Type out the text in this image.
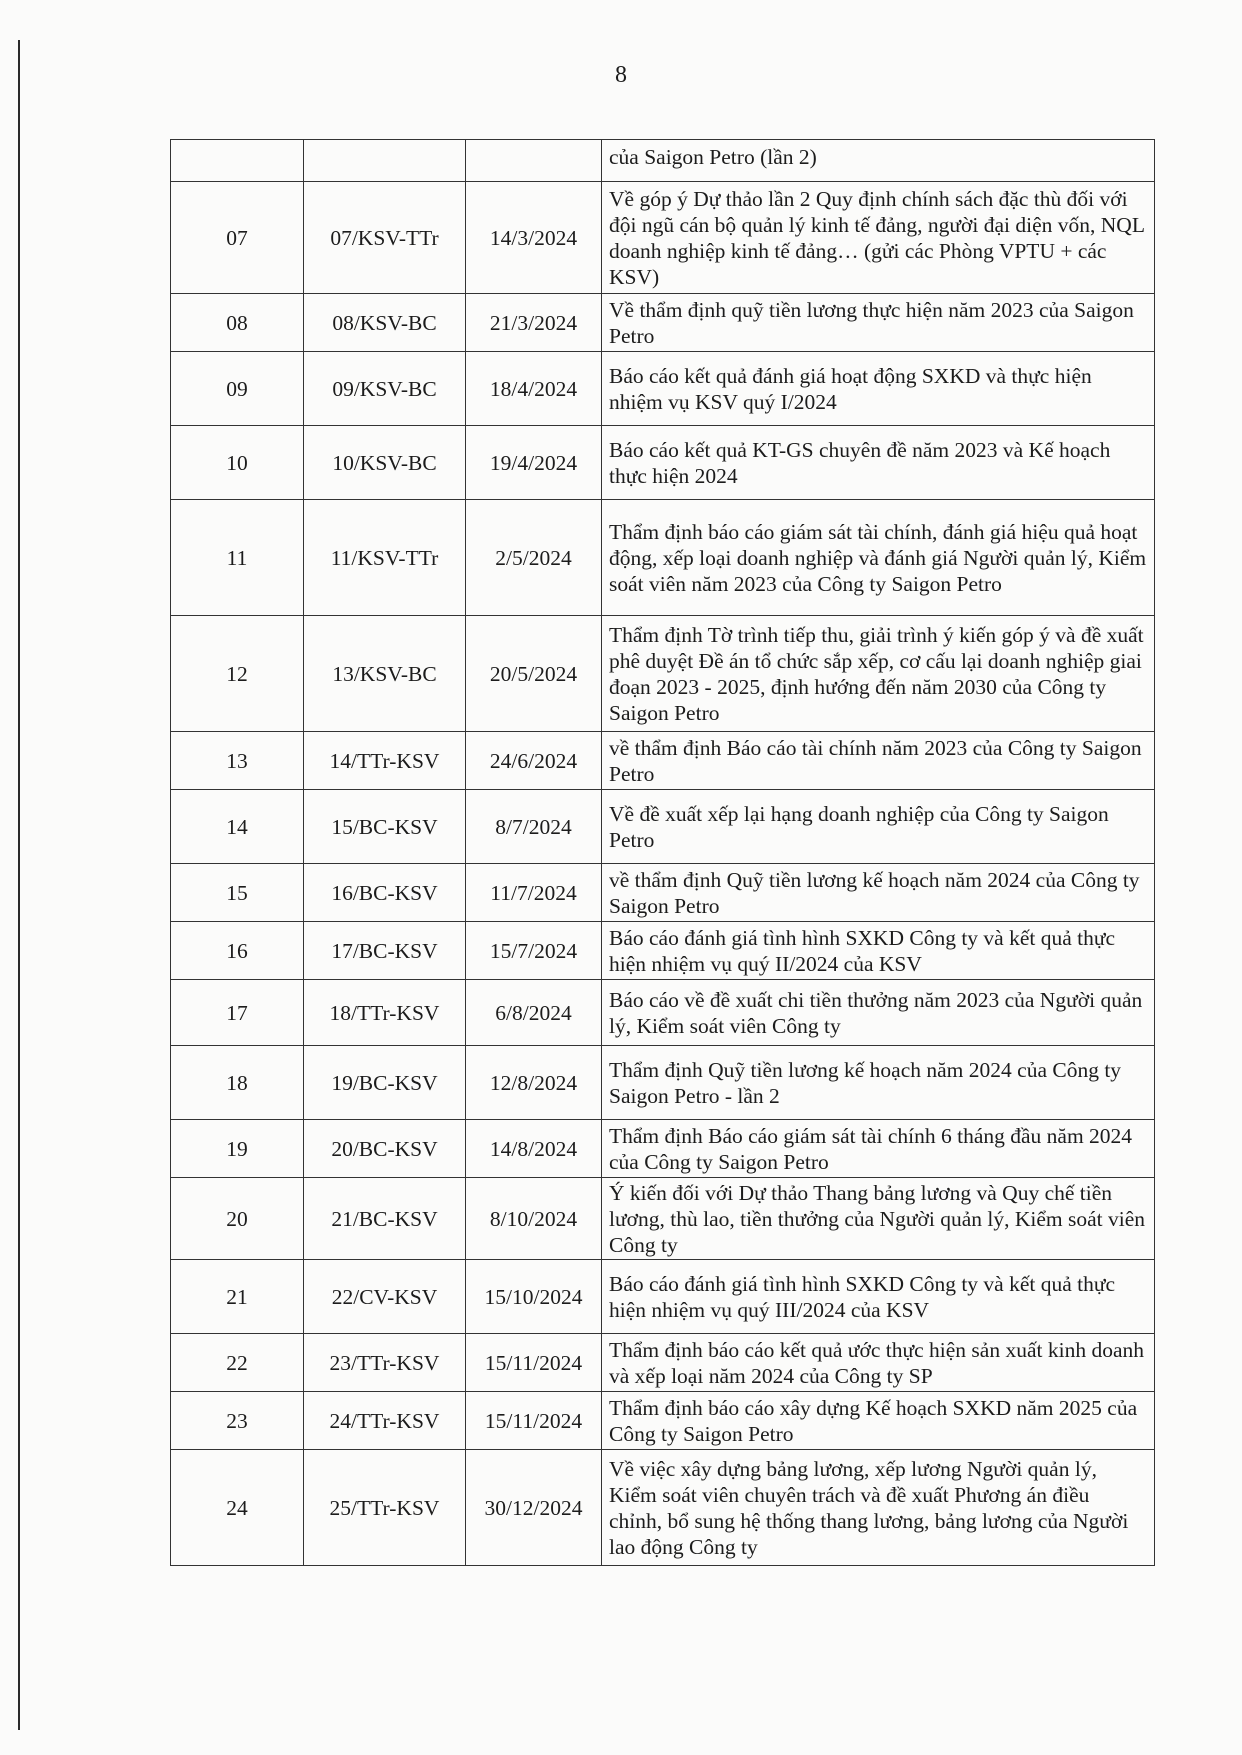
8
			của Saigon Petro (lần 2)
07	07/KSV-TTr	14/3/2024	Về góp ý Dự thảo lần 2 Quy định chính sách đặc thù đối với đội ngũ cán bộ quản lý kinh tế đảng, người đại diện vốn, NQL doanh nghiệp kinh tế đảng… (gửi các Phòng VPTU + các KSV)
08	08/KSV-BC	21/3/2024	Về thẩm định quỹ tiền lương thực hiện năm 2023 của Saigon Petro
09	09/KSV-BC	18/4/2024	Báo cáo kết quả đánh giá hoạt động SXKD và thực hiện nhiệm vụ KSV quý I/2024
10	10/KSV-BC	19/4/2024	Báo cáo kết quả KT-GS chuyên đề năm 2023 và Kế hoạch thực hiện 2024
11	11/KSV-TTr	2/5/2024	Thẩm định báo cáo giám sát tài chính, đánh giá hiệu quả hoạt động, xếp loại doanh nghiệp và đánh giá Người quản lý, Kiểm soát viên năm 2023 của Công ty Saigon Petro
12	13/KSV-BC	20/5/2024	Thẩm định Tờ trình tiếp thu, giải trình ý kiến góp ý và đề xuất phê duyệt Đề án tổ chức sắp xếp, cơ cấu lại doanh nghiệp giai đoạn 2023 - 2025, định hướng đến năm 2030 của Công ty Saigon Petro
13	14/TTr-KSV	24/6/2024	về thẩm định Báo cáo tài chính năm 2023 của Công ty Saigon Petro
14	15/BC-KSV	8/7/2024	Về đề xuất xếp lại hạng doanh nghiệp của Công ty Saigon Petro
15	16/BC-KSV	11/7/2024	về thẩm định Quỹ tiền lương kế hoạch năm 2024 của Công ty Saigon Petro
16	17/BC-KSV	15/7/2024	Báo cáo đánh giá tình hình SXKD Công ty và kết quả thực hiện nhiệm vụ quý II/2024 của KSV
17	18/TTr-KSV	6/8/2024	Báo cáo về đề xuất chi tiền thưởng năm 2023 của Người quản lý, Kiểm soát viên Công ty
18	19/BC-KSV	12/8/2024	Thẩm định Quỹ tiền lương kế hoạch năm 2024 của Công ty Saigon Petro - lần 2
19	20/BC-KSV	14/8/2024	Thẩm định Báo cáo giám sát tài chính 6 tháng đầu năm 2024 của Công ty Saigon Petro
20	21/BC-KSV	8/10/2024	Ý kiến đối với Dự thảo Thang bảng lương và Quy chế tiền lương, thù lao, tiền thưởng của Người quản lý, Kiểm soát viên Công ty
21	22/CV-KSV	15/10/2024	Báo cáo đánh giá tình hình SXKD Công ty và kết quả thực hiện nhiệm vụ quý III/2024 của KSV
22	23/TTr-KSV	15/11/2024	Thẩm định báo cáo kết quả ước thực hiện sản xuất kinh doanh và xếp loại năm 2024 của Công ty SP
23	24/TTr-KSV	15/11/2024	Thẩm định báo cáo xây dựng Kế hoạch SXKD năm 2025 của Công ty Saigon Petro
24	25/TTr-KSV	30/12/2024	Về việc xây dựng bảng lương, xếp lương Người quản lý, Kiểm soát viên chuyên trách và đề xuất Phương án điều chỉnh, bổ sung hệ thống thang lương, bảng lương của Người lao động Công ty
